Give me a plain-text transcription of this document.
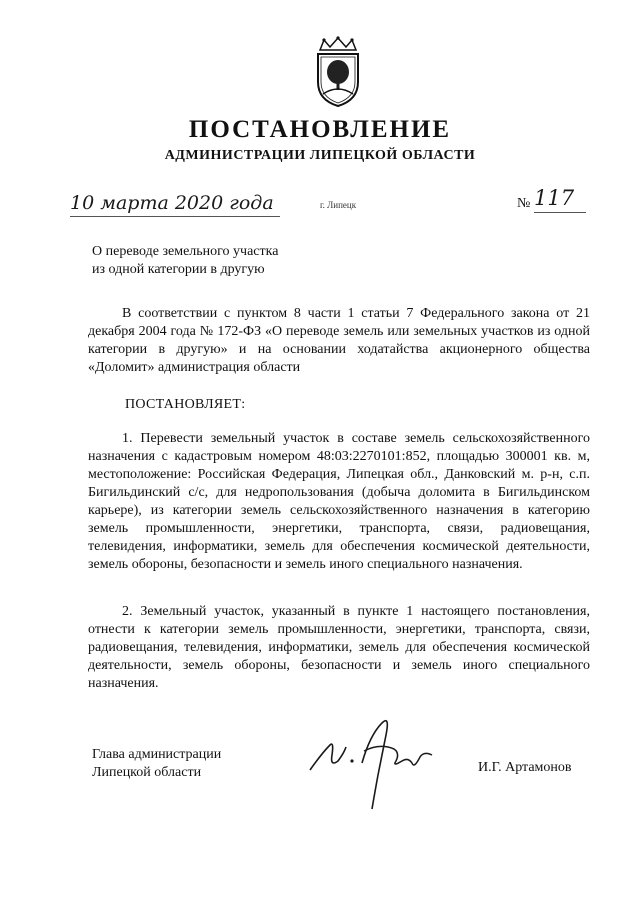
ПОСТАНОВЛЕНИЕ
АДМИНИСТРАЦИИ ЛИПЕЦКОЙ ОБЛАСТИ
10 марта 2020 года	г. Липецк	№ 117
О переводе земельного участка
из одной категории в другую
В соответствии с пунктом 8 части 1 статьи 7 Федерального закона от 21 декабря 2004 года № 172-ФЗ «О переводе земель или земельных участков из одной категории в другую» и на основании ходатайства акционерного общества «Доломит» администрация области
ПОСТАНОВЛЯЕТ:
1. Перевести земельный участок в составе земель сельскохозяйственного назначения с кадастровым номером 48:03:2270101:852, площадью 300001 кв. м, местоположение: Российская Федерация, Липецкая обл., Данковский м. р-н, с.п. Бигильдинский с/с, для недропользования (добыча доломита в Бигильдинском карьере), из категории земель сельскохозяйственного назначения в категорию земель промышленности, энергетики, транспорта, связи, радиовещания, телевидения, информатики, земель для обеспечения космической деятельности, земель обороны, безопасности и земель иного специального назначения.
2. Земельный участок, указанный в пункте 1 настоящего постановления, отнести к категории земель промышленности, энергетики, транспорта, связи, радиовещания, телевидения, информатики, земель для обеспечения космической деятельности, земель обороны, безопасности и земель иного специального назначения.
Глава администрации
Липецкой области	И.Г. Артамонов
